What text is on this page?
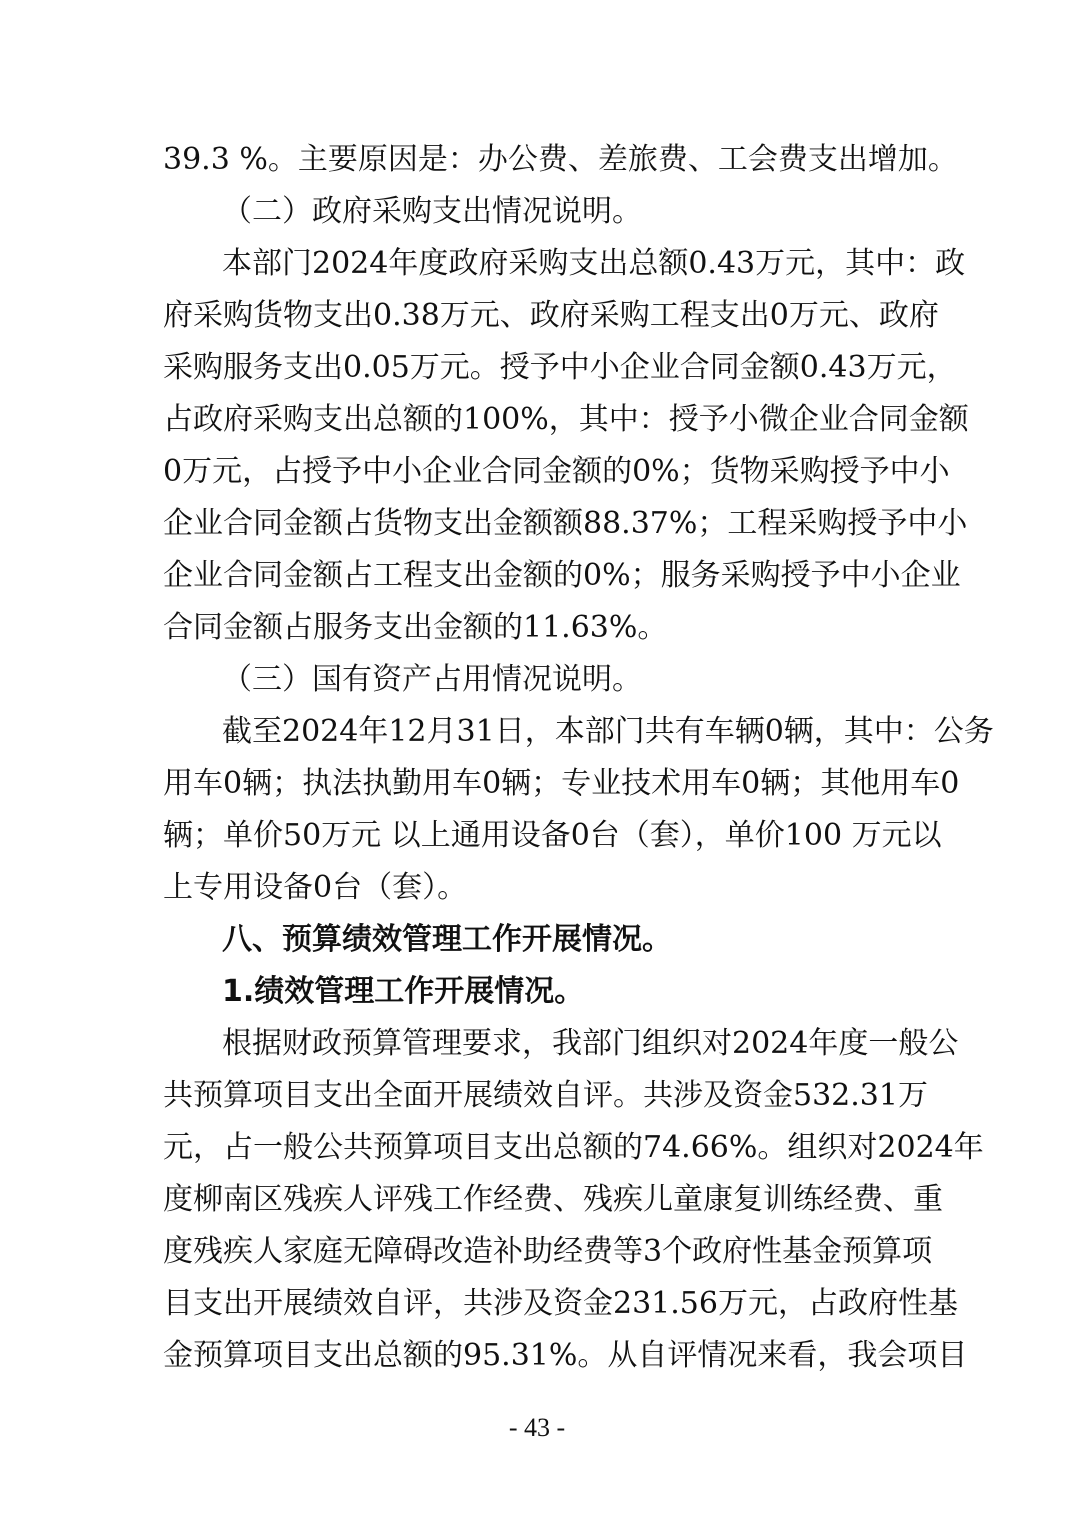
39.3 %。主要原因是：办公费、差旅费、工会费支出增加。
（二）政府采购支出情况说明。
本部门2024年度政府采购支出总额0.43万元，其中：政
府采购货物支出0.38万元、政府采购工程支出0万元、政府
采购服务支出0.05万元。授予中小企业合同金额0.43万元，
占政府采购支出总额的100%，其中：授予小微企业合同金额
0万元，占授予中小企业合同金额的0%；货物采购授予中小
企业合同金额占货物支出金额额88.37%；工程采购授予中小
企业合同金额占工程支出金额的0%；服务采购授予中小企业
合同金额占服务支出金额的11.63%。
（三）国有资产占用情况说明。
截至2024年12月31日，本部门共有车辆0辆，其中：公务
用车0辆；执法执勤用车0辆；专业技术用车0辆；其他用车0
辆；单价50万元 以上通用设备0台（套），单价100 万元以
上专用设备0台（套）。
八、预算绩效管理工作开展情况。
1.绩效管理工作开展情况。
根据财政预算管理要求，我部门组织对2024年度一般公
共预算项目支出全面开展绩效自评。共涉及资金532.31万
元，占一般公共预算项目支出总额的74.66%。组织对2024年
度柳南区残疾人评残工作经费、残疾儿童康复训练经费、重
度残疾人家庭无障碍改造补助经费等3个政府性基金预算项
目支出开展绩效自评，共涉及资金231.56万元，占政府性基
金预算项目支出总额的95.31%。从自评情况来看，我会项目
- 43 -
